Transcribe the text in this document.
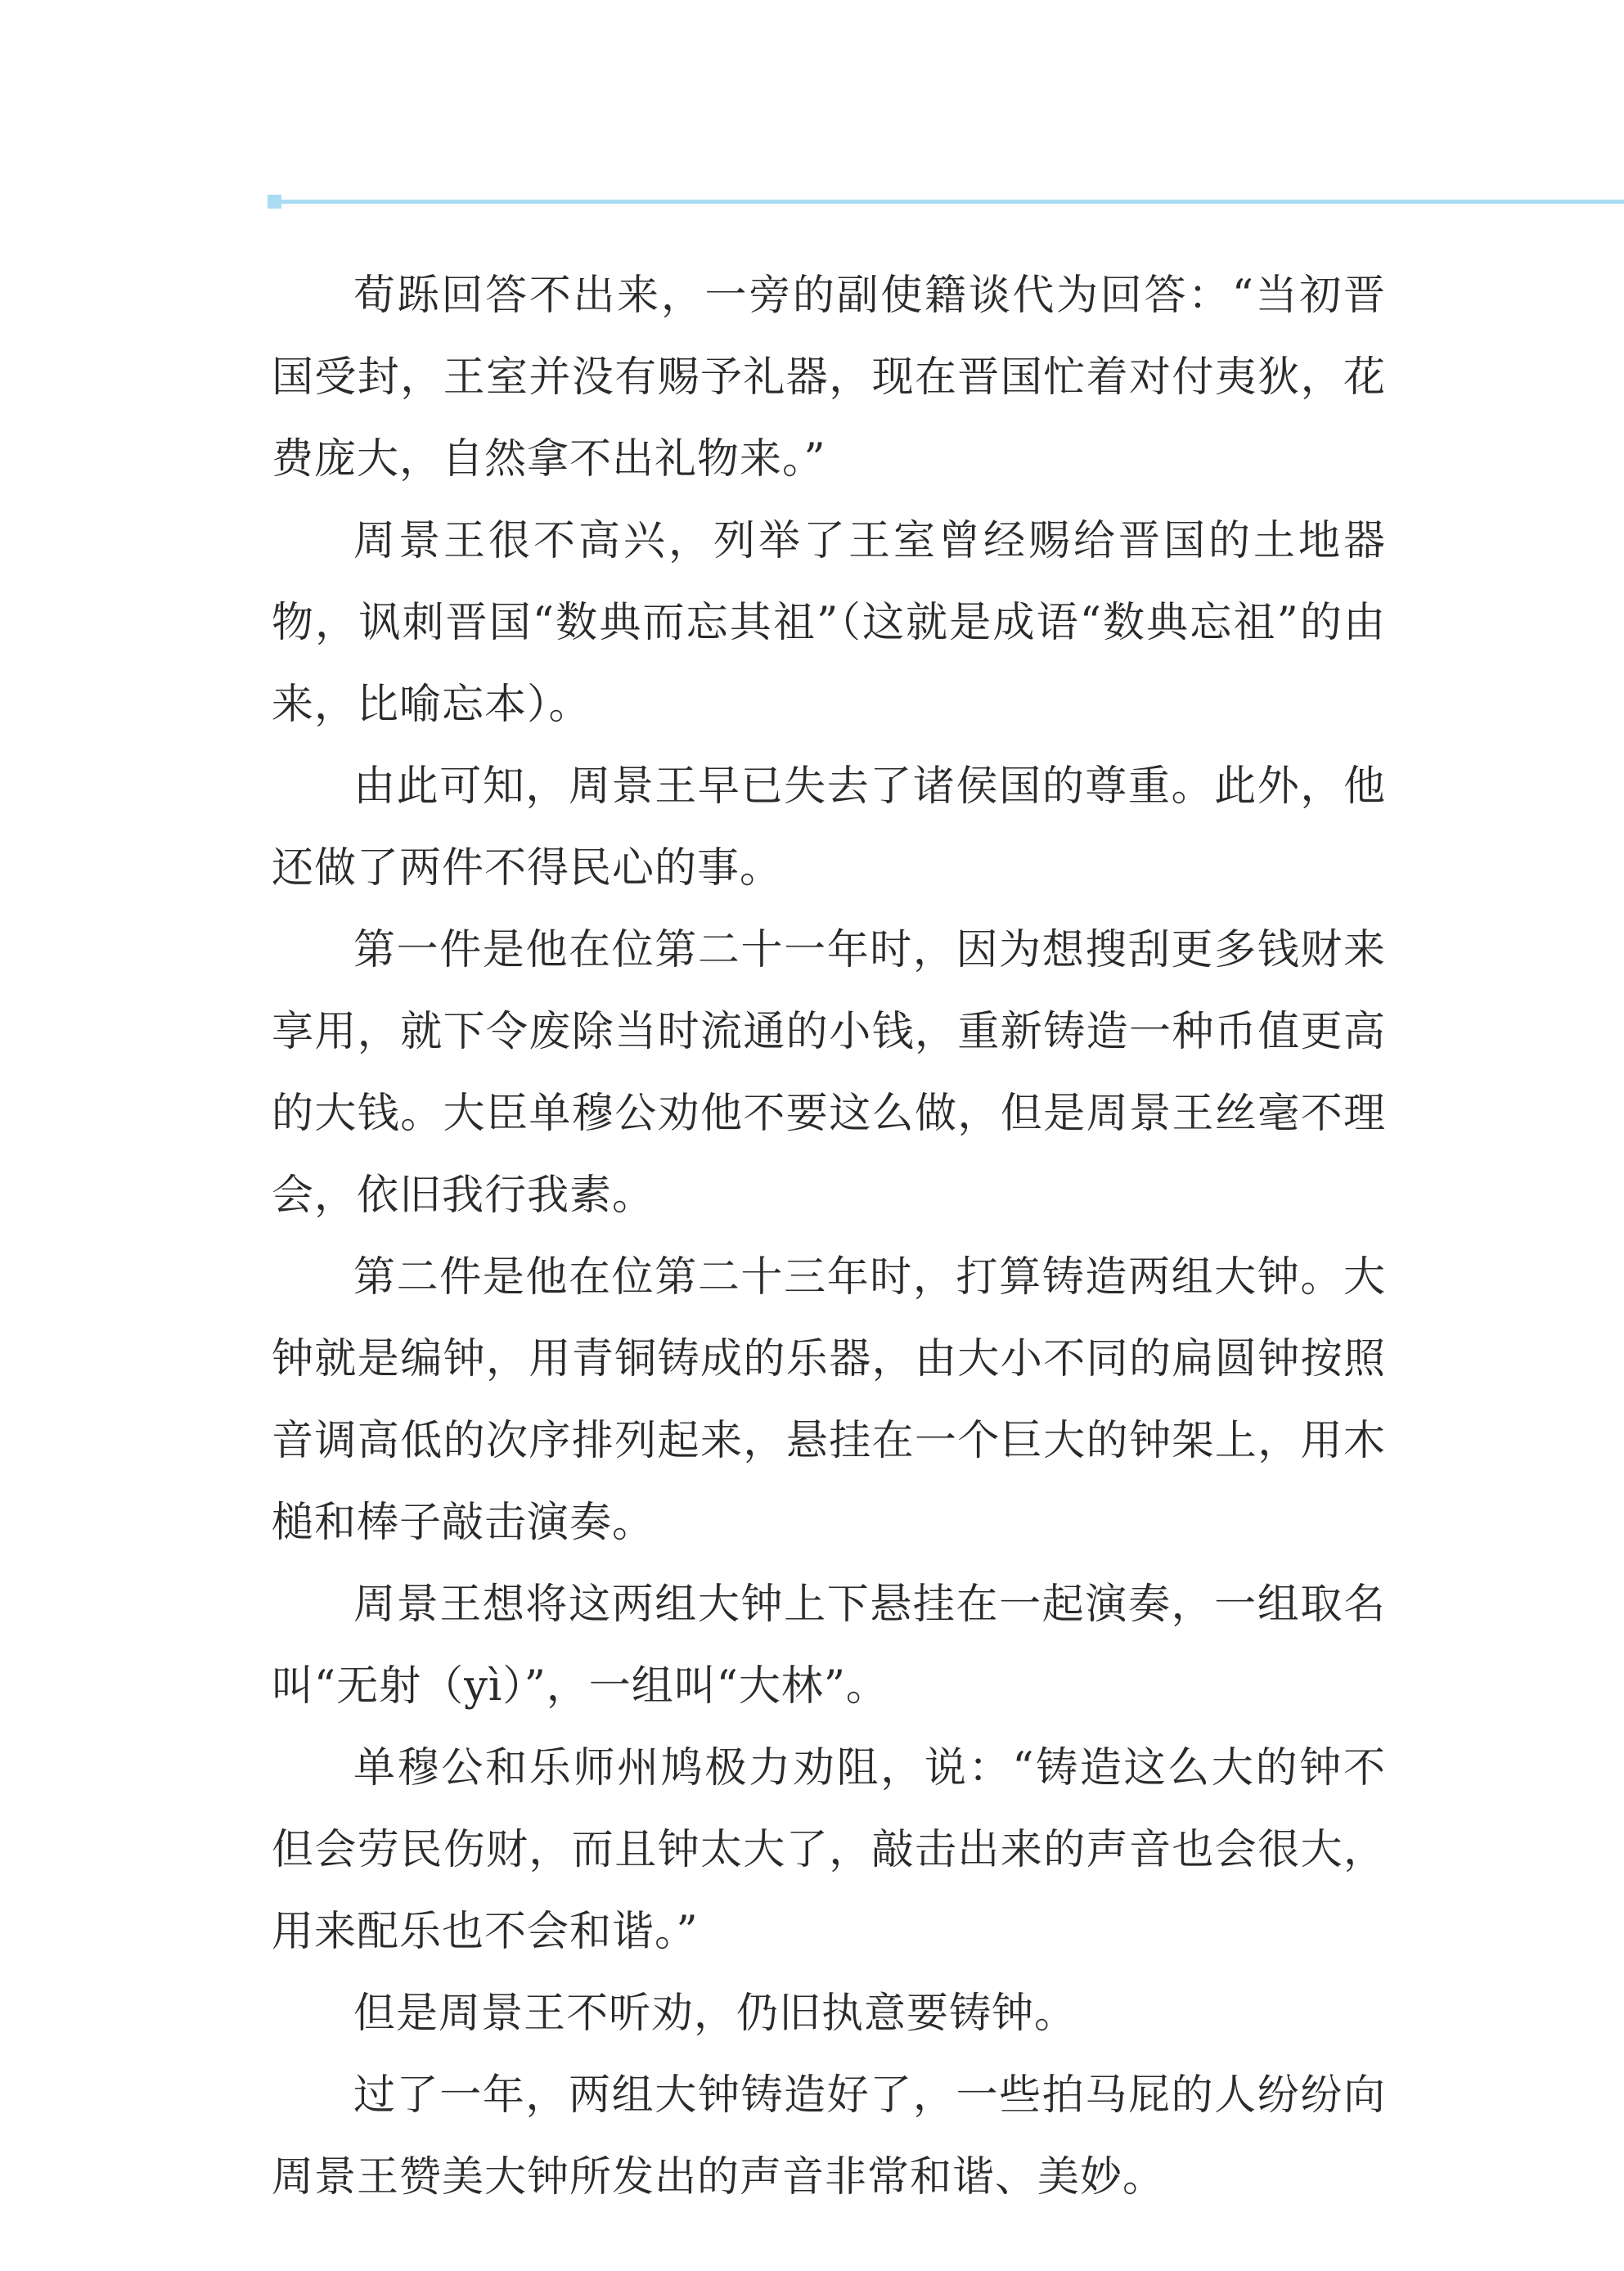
荀跞回答不出来，一旁的副使籍谈代为回答：“当初晋国受封，王室并没有赐予礼器，现在晋国忙着对付夷狄，花费庞大，自然拿不出礼物来。”

周景王很不高兴，列举了王室曾经赐给晋国的土地器物，讽刺晋国“数典而忘其祖”（这就是成语“数典忘祖”的由来，比喻忘本）。

由此可知，周景王早已失去了诸侯国的尊重。此外，他还做了两件不得民心的事。

第一件是他在位第二十一年时，因为想搜刮更多钱财来享用，就下令废除当时流通的小钱，重新铸造一种币值更高的大钱。大臣单穆公劝他不要这么做，但是周景王丝毫不理会，依旧我行我素。

第二件是他在位第二十三年时，打算铸造两组大钟。大钟就是编钟，用青铜铸成的乐器，由大小不同的扁圆钟按照音调高低的次序排列起来，悬挂在一个巨大的钟架上，用木槌和棒子敲击演奏。

周景王想将这两组大钟上下悬挂在一起演奏，一组取名叫“无射（yì）”，一组叫“大林”。

单穆公和乐师州鸠极力劝阻，说：“铸造这么大的钟不但会劳民伤财，而且钟太大了，敲击出来的声音也会很大，用来配乐也不会和谐。”

但是周景王不听劝，仍旧执意要铸钟。

过了一年，两组大钟铸造好了，一些拍马屁的人纷纷向周景王赞美大钟所发出的声音非常和谐、美妙。
